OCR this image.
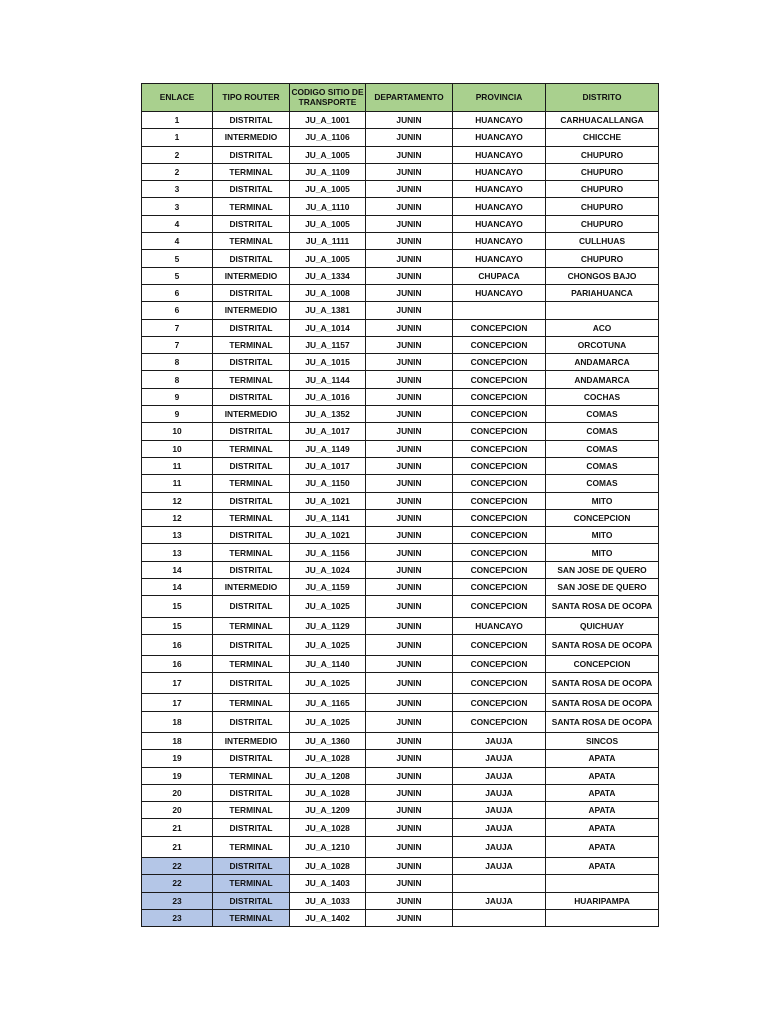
ENLACE	TIPO ROUTER	CODIGO SITIO DE TRANSPORTE	DEPARTAMENTO	PROVINCIA	DISTRITO
1	DISTRITAL	JU_A_1001	JUNIN	HUANCAYO	CARHUACALLANGA
1	INTERMEDIO	JU_A_1106	JUNIN	HUANCAYO	CHICCHE
2	DISTRITAL	JU_A_1005	JUNIN	HUANCAYO	CHUPURO
2	TERMINAL	JU_A_1109	JUNIN	HUANCAYO	CHUPURO
3	DISTRITAL	JU_A_1005	JUNIN	HUANCAYO	CHUPURO
3	TERMINAL	JU_A_1110	JUNIN	HUANCAYO	CHUPURO
4	DISTRITAL	JU_A_1005	JUNIN	HUANCAYO	CHUPURO
4	TERMINAL	JU_A_1111	JUNIN	HUANCAYO	CULLHUAS
5	DISTRITAL	JU_A_1005	JUNIN	HUANCAYO	CHUPURO
5	INTERMEDIO	JU_A_1334	JUNIN	CHUPACA	CHONGOS BAJO
6	DISTRITAL	JU_A_1008	JUNIN	HUANCAYO	PARIAHUANCA
6	INTERMEDIO	JU_A_1381	JUNIN		
7	DISTRITAL	JU_A_1014	JUNIN	CONCEPCION	ACO
7	TERMINAL	JU_A_1157	JUNIN	CONCEPCION	ORCOTUNA
8	DISTRITAL	JU_A_1015	JUNIN	CONCEPCION	ANDAMARCA
8	TERMINAL	JU_A_1144	JUNIN	CONCEPCION	ANDAMARCA
9	DISTRITAL	JU_A_1016	JUNIN	CONCEPCION	COCHAS
9	INTERMEDIO	JU_A_1352	JUNIN	CONCEPCION	COMAS
10	DISTRITAL	JU_A_1017	JUNIN	CONCEPCION	COMAS
10	TERMINAL	JU_A_1149	JUNIN	CONCEPCION	COMAS
11	DISTRITAL	JU_A_1017	JUNIN	CONCEPCION	COMAS
11	TERMINAL	JU_A_1150	JUNIN	CONCEPCION	COMAS
12	DISTRITAL	JU_A_1021	JUNIN	CONCEPCION	MITO
12	TERMINAL	JU_A_1141	JUNIN	CONCEPCION	CONCEPCION
13	DISTRITAL	JU_A_1021	JUNIN	CONCEPCION	MITO
13	TERMINAL	JU_A_1156	JUNIN	CONCEPCION	MITO
14	DISTRITAL	JU_A_1024	JUNIN	CONCEPCION	SAN JOSE DE QUERO
14	INTERMEDIO	JU_A_1159	JUNIN	CONCEPCION	SAN JOSE DE QUERO
15	DISTRITAL	JU_A_1025	JUNIN	CONCEPCION	SANTA ROSA DE OCOPA
15	TERMINAL	JU_A_1129	JUNIN	HUANCAYO	QUICHUAY
16	DISTRITAL	JU_A_1025	JUNIN	CONCEPCION	SANTA ROSA DE OCOPA
16	TERMINAL	JU_A_1140	JUNIN	CONCEPCION	CONCEPCION
17	DISTRITAL	JU_A_1025	JUNIN	CONCEPCION	SANTA ROSA DE OCOPA
17	TERMINAL	JU_A_1165	JUNIN	CONCEPCION	SANTA ROSA DE OCOPA
18	DISTRITAL	JU_A_1025	JUNIN	CONCEPCION	SANTA ROSA DE OCOPA
18	INTERMEDIO	JU_A_1360	JUNIN	JAUJA	SINCOS
19	DISTRITAL	JU_A_1028	JUNIN	JAUJA	APATA
19	TERMINAL	JU_A_1208	JUNIN	JAUJA	APATA
20	DISTRITAL	JU_A_1028	JUNIN	JAUJA	APATA
20	TERMINAL	JU_A_1209	JUNIN	JAUJA	APATA
21	DISTRITAL	JU_A_1028	JUNIN	JAUJA	APATA
21	TERMINAL	JU_A_1210	JUNIN	JAUJA	APATA
22	DISTRITAL	JU_A_1028	JUNIN	JAUJA	APATA
22	TERMINAL	JU_A_1403	JUNIN		
23	DISTRITAL	JU_A_1033	JUNIN	JAUJA	HUARIPAMPA
23	TERMINAL	JU_A_1402	JUNIN		
